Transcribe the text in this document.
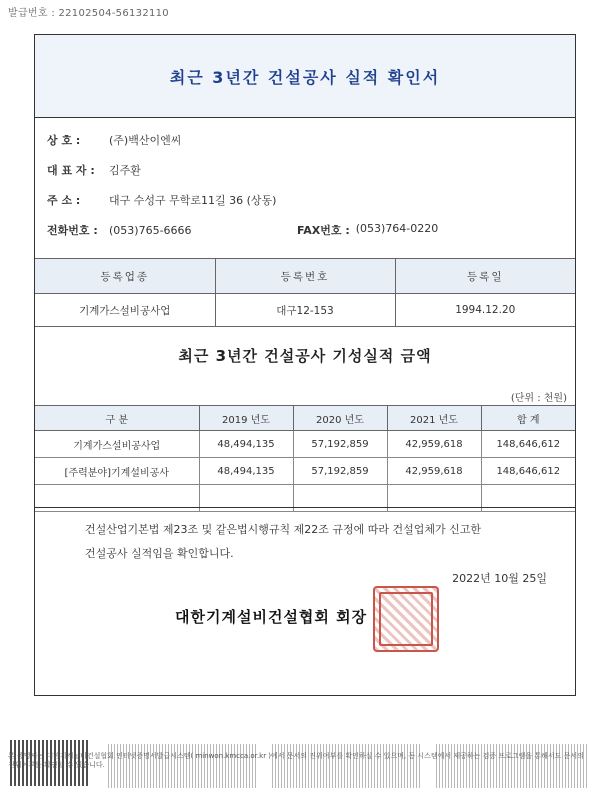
발급번호 : 22102504-56132110
최근 3년간 건설공사 실적 확인서
상 호 :	(주)백산이엔씨
대 표 자 :	김주환
주 소 :	대구 수성구 무학로11길 36 (상동)
전화번호 :	(053)765-6666	FAX번호 : (053)764-0220
등록업종	등록번호	등록일
기계가스설비공사업	대구12-153	1994.12.20
최근 3년간 건설공사 기성실적 금액
(단위 : 천원)
구 분	2019 년도	2020 년도	2021 년도	합 계
기계가스설비공사업	48,494,135	57,192,859	42,959,618	148,646,612
[주력분야]기계설비공사	48,494,135	57,192,859	42,959,618	148,646,612

건설산업기본법 제23조 및 같은법시행규칙 제22조 규정에 따라 건설업체가 신고한
건설공사 실적임을 확인합니다.
2022년 10월 25일
대한기계설비건설협회 회장
본 증명서는 대한기계설비건설협회 인터넷증명서발급시스템( minwon.kmcca.or.kr )에서 문서의 진위여부를 확인하실 수 있으며, 동 시스템에서 제공하는 검증 프로그램을 통해서도 문서의 진위여부를 확인할 수 있습니다.
